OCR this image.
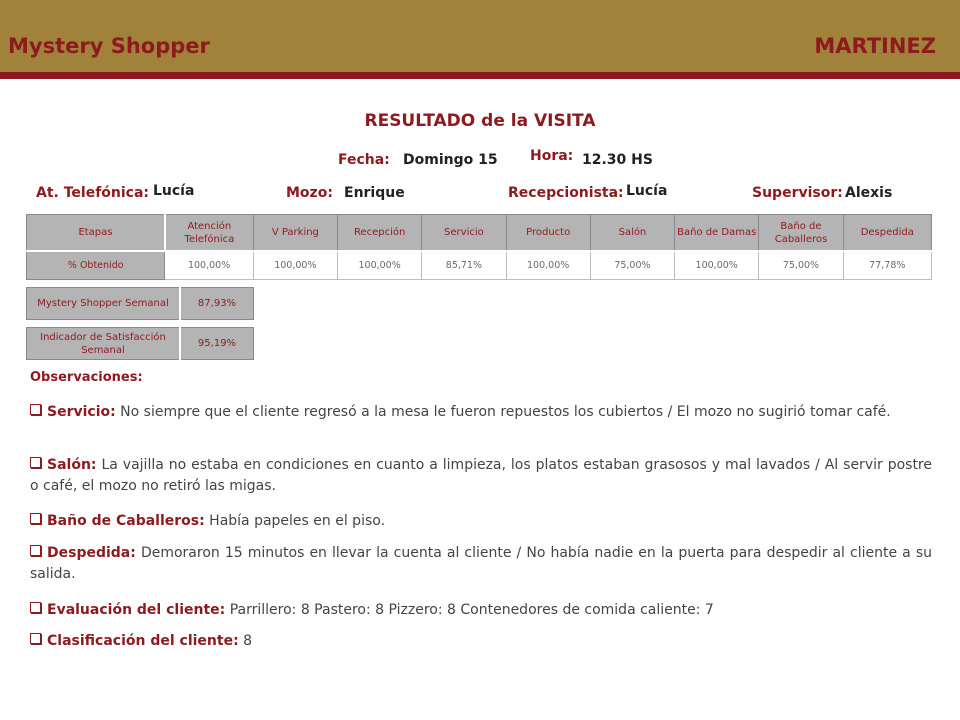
Mystery Shopper	MARTINEZ
RESULTADO de la VISITA
Fecha: Domingo 15 Hora: 12.30 HS
At. Telefónica: Lucía	Mozo: Enrique	Recepcionista: Lucía	Supervisor: Alexis
Etapas	Atención Telefónica	V Parking	Recepción	Servicio	Producto	Salón	Baño de Damas	Baño de Caballeros	Despedida
% Obtenido	100,00%	100,00%	100,00%	85,71%	100,00%	75,00%	100,00%	75,00%	77,78%
Mystery Shopper Semanal	87,93%
Indicador de Satisfacción Semanal	95,19%
Observaciones:
Servicio: No siempre que el cliente regresó a la mesa le fueron repuestos los cubiertos / El mozo no sugirió tomar café.
Salón: La vajilla no estaba en condiciones en cuanto a limpieza, los platos estaban grasosos y mal lavados / Al servir postre o café, el mozo no retiró las migas.
Baño de Caballeros: Había papeles en el piso.
Despedida: Demoraron 15 minutos en llevar la cuenta al cliente / No había nadie en la puerta para despedir al cliente a su salida.
Evaluación del cliente: Parrillero: 8 Pastero: 8 Pizzero: 8 Contenedores de comida caliente: 7
Clasificación del cliente: 8
